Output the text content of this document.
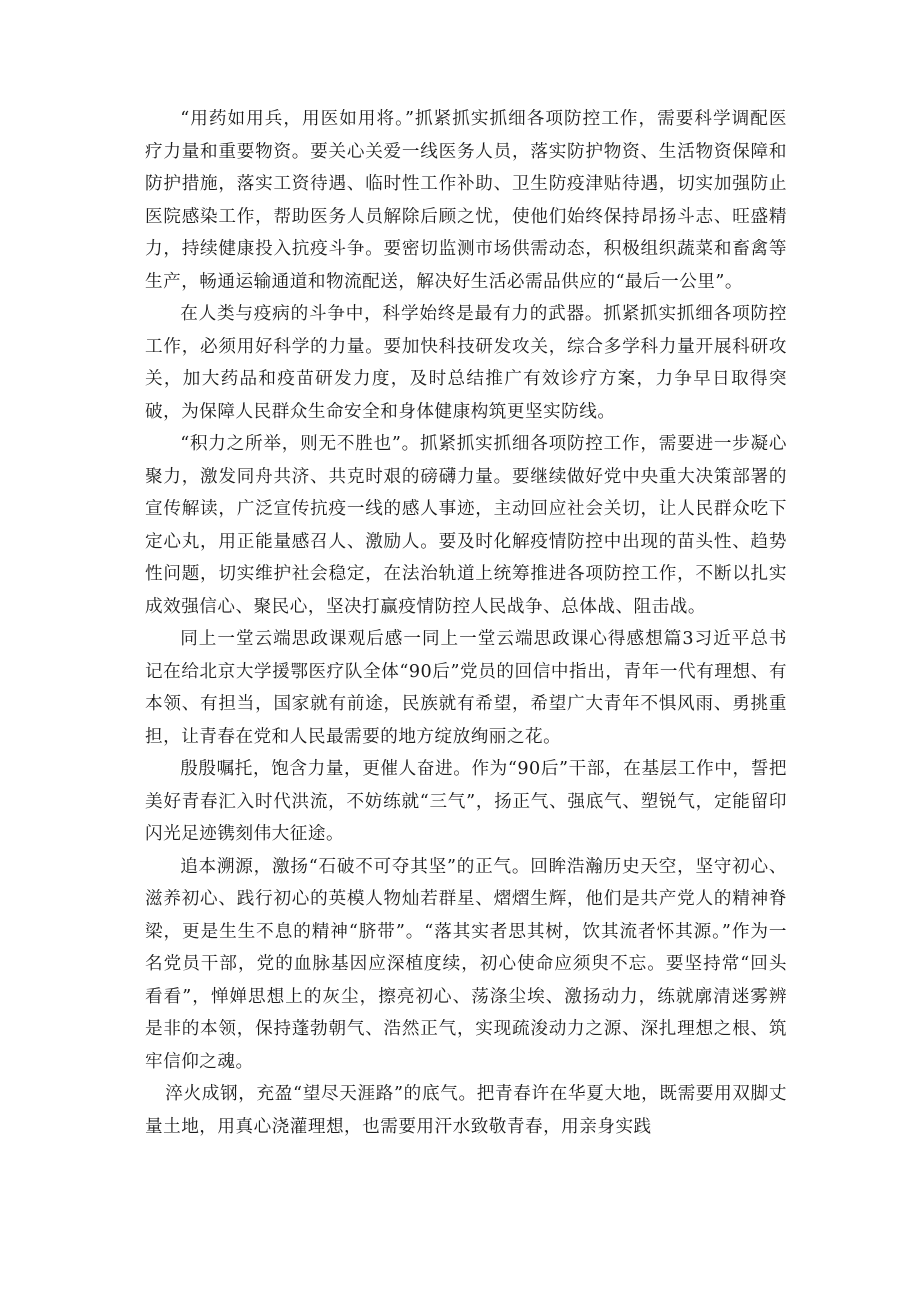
“用药如用兵，用医如用将。”抓紧抓实抓细各项防控工作，需要科学调配医疗力量和重要物资。要关心关爱一线医务人员，落实防护物资、生活物资保障和防护措施，落实工资待遇、临时性工作补助、卫生防疫津贴待遇，切实加强防止医院感染工作，帮助医务人员解除后顾之忧，使他们始终保持昂扬斗志、旺盛精力，持续健康投入抗疫斗争。要密切监测市场供需动态，积极组织蔬菜和畜禽等生产，畅通运输通道和物流配送，解决好生活必需品供应的“最后一公里”。

在人类与疫病的斗争中，科学始终是最有力的武器。抓紧抓实抓细各项防控工作，必须用好科学的力量。要加快科技研发攻关，综合多学科力量开展科研攻关，加大药品和疫苗研发力度，及时总结推广有效诊疗方案，力争早日取得突破，为保障人民群众生命安全和身体健康构筑更坚实防线。

“积力之所举，则无不胜也”。抓紧抓实抓细各项防控工作，需要进一步凝心聚力，激发同舟共济、共克时艰的磅礴力量。要继续做好党中央重大决策部署的宣传解读，广泛宣传抗疫一线的感人事迹，主动回应社会关切，让人民群众吃下定心丸，用正能量感召人、激励人。要及时化解疫情防控中出现的苗头性、趋势性问题，切实维护社会稳定，在法治轨道上统筹推进各项防控工作，不断以扎实成效强信心、聚民心，坚决打赢疫情防控人民战争、总体战、阻击战。

同上一堂云端思政课观后感一同上一堂云端思政课心得感想篇3习近平总书记在给北京大学援鄂医疗队全体“90后”党员的回信中指出，青年一代有理想、有本领、有担当，国家就有前途，民族就有希望，希望广大青年不惧风雨、勇挑重担，让青春在党和人民最需要的地方绽放绚丽之花。

殷殷嘱托，饱含力量，更催人奋进。作为“90后”干部，在基层工作中，誓把美好青春汇入时代洪流，不妨练就“三气”，扬正气、强底气、塑锐气，定能留印闪光足迹镌刻伟大征途。

追本溯源，激扬“石破不可夺其坚”的正气。回眸浩瀚历史天空，坚守初心、滋养初心、践行初心的英模人物灿若群星、熠熠生辉，他们是共产党人的精神脊梁，更是生生不息的精神“脐带”。“落其实者思其树，饮其流者怀其源。”作为一名党员干部，党的血脉基因应深植度续，初心使命应须臾不忘。要坚持常“回头看看”，惮婵思想上的灰尘，擦亮初心、荡涤尘埃、激扬动力，练就廓清迷雾辨是非的本领，保持蓬勃朝气、浩然正气，实现疏浚动力之源、深扎理想之根、筑牢信仰之魂。

淬火成钢，充盈“望尽天涯路”的底气。把青春许在华夏大地，既需要用双脚丈量土地，用真心浇灌理想，也需要用汗水致敬青春，用亲身实践
